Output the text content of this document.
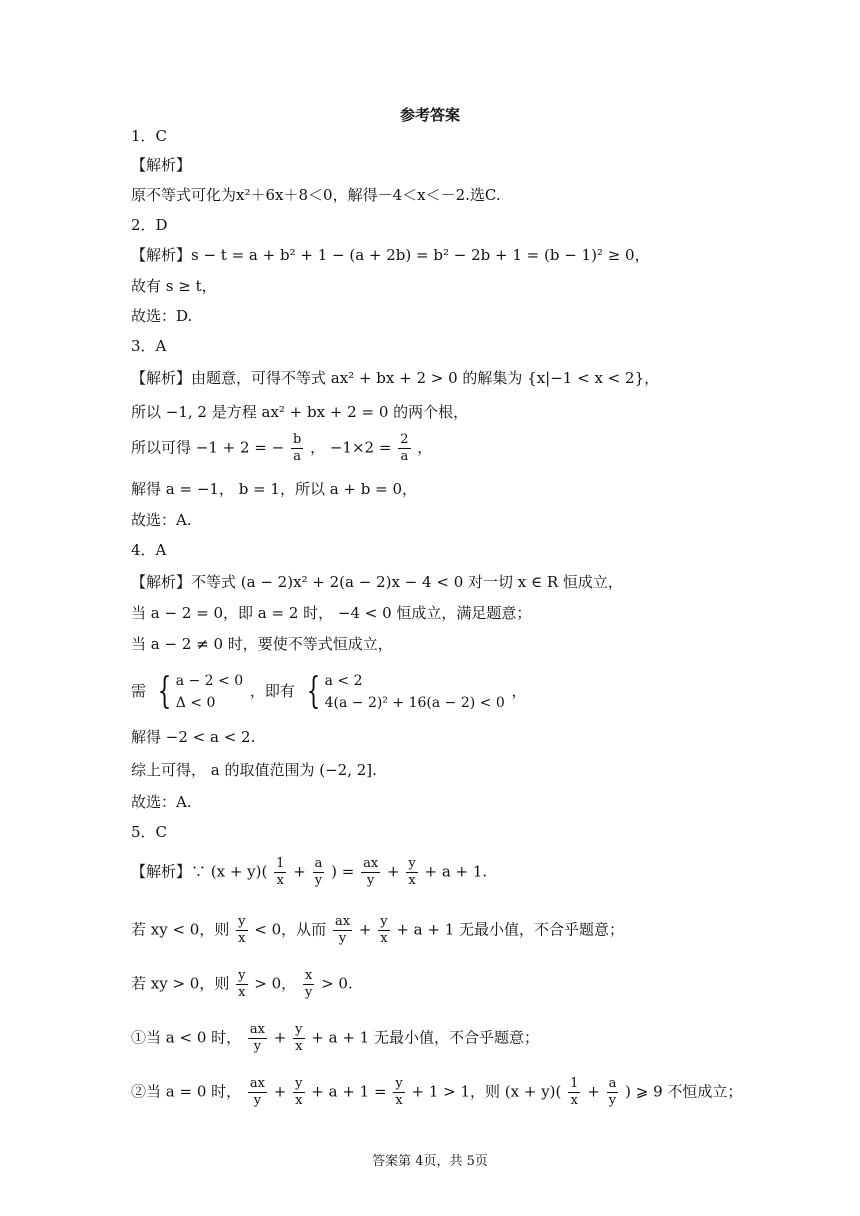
参考答案
1．C
【解析】
原不等式可化为x²＋6x＋8＜0，解得－4＜x＜－2.选C.
2．D
【解析】s − t = a + b² + 1 − (a + 2b) = b² − 2b + 1 = (b − 1)² ≥ 0，
故有 s ≥ t，
故选：D.
3．A
【解析】由题意，可得不等式 ax² + bx + 2 > 0 的解集为 {x|−1 < x < 2}，
所以 −1, 2 是方程 ax² + bx + 2 = 0 的两个根，
所以可得 −1 + 2 = − $\frac{b}{a}$ ， $-1\times 2 = \frac{2}{a}$ ，
解得 a = −1， b = 1，所以 a + b = 0，
故选：A.
4．A
【解析】不等式 (a − 2)x² + 2(a − 2)x − 4 < 0 对一切 x ∈ R 恒成立，
当 a − 2 = 0，即 a = 2 时， −4 < 0 恒成立，满足题意；
当 a − 2 ≠ 0 时，要使不等式恒成立，
需 { a − 2 < 0
Δ < 0
，即有 { a < 2
4(a − 2)² + 16(a − 2) < 0
，
解得 −2 < a < 2.
综上可得， a 的取值范围为 (−2, 2].
故选：A.
5．C
【解析】∵ $(x + y)( \frac{1}{x} + \frac{a}{y}$ ) = $\frac{ax}{y} + \frac{y}{x} + a + 1$.
若 xy < 0，则 $\frac{y}{x} < 0$，从而 $\frac{ax}{y} + \frac{y}{x} + a + 1$ 无最小值，不合乎题意；
若 xy > 0，则 $\frac{y}{x} > 0$， $\frac{x}{y} > 0$.
①当 a < 0 时， $\frac{ax}{y} + \frac{y}{x} + a + 1$ 无最小值，不合乎题意；
②当 a = 0 时， $\frac{ax}{y} + \frac{y}{x} + a + 1 = \frac{y}{x} + 1 > 1$，则 $(x + y)( \frac{1}{x} + \frac{a}{y}$ ) ⩾ 9 不恒成立；
答案第 4页，共 5页
